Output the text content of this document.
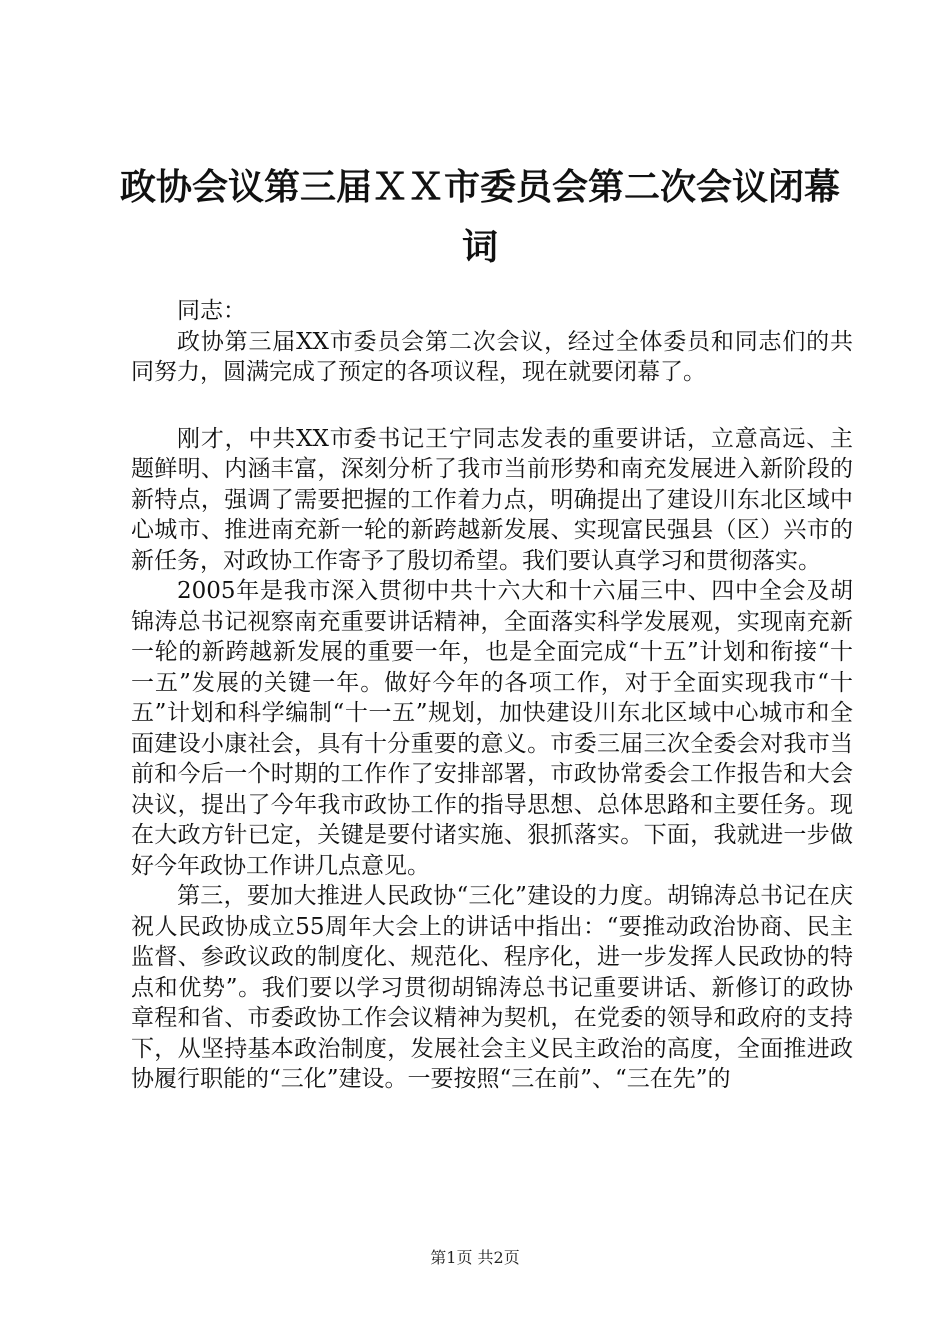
政协会议第三届ＸＸ市委员会第二次会议闭幕
词

同志：

政协第三届XX市委员会第二次会议，经过全体委员和同志们的共同努力，圆满完成了预定的各项议程，现在就要闭幕了。

刚才，中共XX市委书记王宁同志发表的重要讲话，立意高远、主题鲜明、内涵丰富，深刻分析了我市当前形势和南充发展进入新阶段的新特点，强调了需要把握的工作着力点，明确提出了建设川东北区域中心城市、推进南充新一轮的新跨越新发展、实现富民强县（区）兴市的新任务，对政协工作寄予了殷切希望。我们要认真学习和贯彻落实。

2005年是我市深入贯彻中共十六大和十六届三中、四中全会及胡锦涛总书记视察南充重要讲话精神，全面落实科学发展观，实现南充新一轮的新跨越新发展的重要一年，也是全面完成“十五”计划和衔接“十一五”发展的关键一年。做好今年的各项工作，对于全面实现我市“十五”计划和科学编制“十一五”规划，加快建设川东北区域中心城市和全面建设小康社会，具有十分重要的意义。市委三届三次全委会对我市当前和今后一个时期的工作作了安排部署，市政协常委会工作报告和大会决议，提出了今年我市政协工作的指导思想、总体思路和主要任务。现在大政方针已定，关键是要付诸实施、狠抓落实。下面，我就进一步做好今年政协工作讲几点意见。

第三，要加大推进人民政协“三化”建设的力度。胡锦涛总书记在庆祝人民政协成立55周年大会上的讲话中指出：“要推动政治协商、民主监督、参政议政的制度化、规范化、程序化，进一步发挥人民政协的特点和优势”。我们要以学习贯彻胡锦涛总书记重要讲话、新修订的政协章程和省、市委政协工作会议精神为契机，在党委的领导和政府的支持下，从坚持基本政治制度，发展社会主义民主政治的高度，全面推进政协履行职能的“三化”建设。一要按照“三在前”、“三在先”的

第1页 共2页
